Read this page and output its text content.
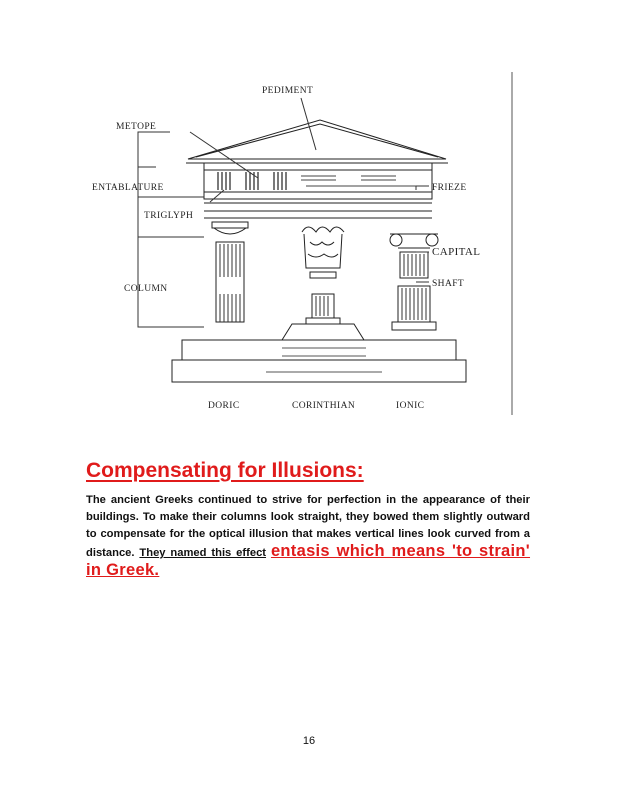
PEDIMENT
METOPE
ENTABLATURE
TRIGLYPH
COLUMN
FRIEZE
CAPITAL
SHAFT
DORIC	CORINTHIAN	IONIC
Compensating for Illusions:

The ancient Greeks continued to strive for perfection in the appearance of their buildings. To make their columns look straight, they bowed them slightly outward to compensate for the optical illusion that makes vertical lines look curved from a distance. They named this effect entasis which means 'to strain' in Greek.

16
